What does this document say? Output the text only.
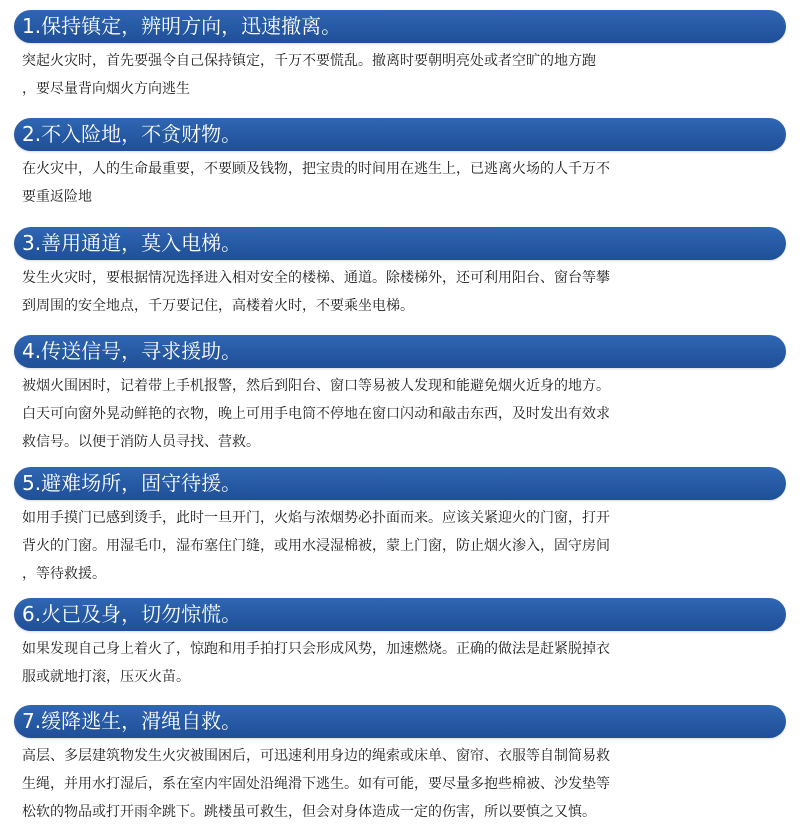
1.保持镇定，辨明方向，迅速撤离。
突起火灾时，首先要强令自己保持镇定，千万不要慌乱。撤离时要朝明亮处或者空旷的地方跑
，要尽量背向烟火方向逃生
2.不入险地，不贪财物。
在火灾中，人的生命最重要，不要顾及钱物，把宝贵的时间用在逃生上，已逃离火场的人千万不
要重返险地
3.善用通道，莫入电梯。
发生火灾时，要根据情况选择进入相对安全的楼梯、通道。除楼梯外，还可利用阳台、窗台等攀
到周围的安全地点，千万要记住，高楼着火时，不要乘坐电梯。
4.传送信号，寻求援助。
被烟火围困时，记着带上手机报警，然后到阳台、窗口等易被人发现和能避免烟火近身的地方。
白天可向窗外晃动鲜艳的衣物，晚上可用手电筒不停地在窗口闪动和敲击东西，及时发出有效求
救信号。以便于消防人员寻找、营救。
5.避难场所，固守待援。
如用手摸门已感到烫手，此时一旦开门，火焰与浓烟势必扑面而来。应该关紧迎火的门窗，打开
背火的门窗。用湿毛巾，湿布塞住门缝，或用水浸湿棉被，蒙上门窗，防止烟火渗入，固守房间
，等待救援。
6.火已及身，切勿惊慌。
如果发现自己身上着火了，惊跑和用手拍打只会形成风势，加速燃烧。正确的做法是赶紧脱掉衣
服或就地打滚，压灭火苗。
7.缓降逃生，滑绳自救。
高层、多层建筑物发生火灾被围困后，可迅速利用身边的绳索或床单、窗帘、衣服等自制简易救
生绳，并用水打湿后，系在室内牢固处沿绳滑下逃生。如有可能，要尽量多抱些棉被、沙发垫等
松软的物品或打开雨伞跳下。跳楼虽可救生，但会对身体造成一定的伤害，所以要慎之又慎。
